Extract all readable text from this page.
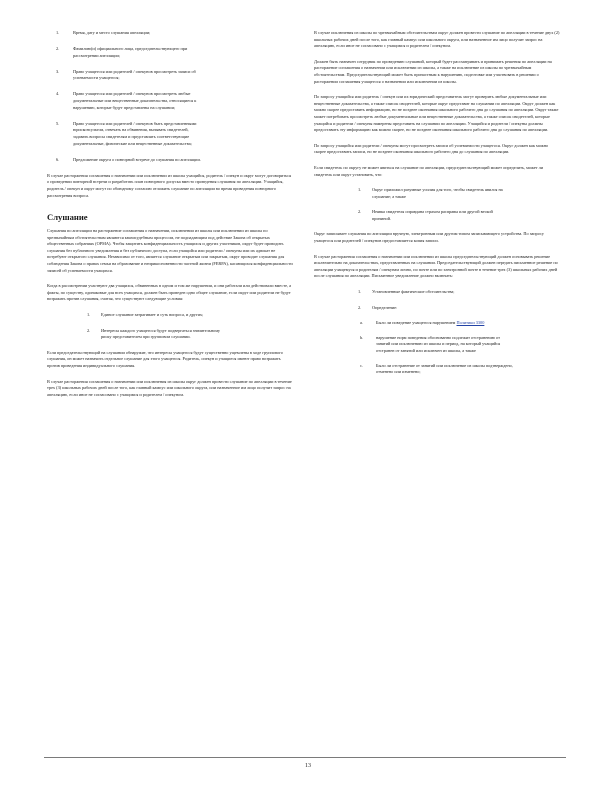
1.	Время, дату и место слушания апелляции;
2.	Фамилию(и) официального лица, председательствующего при рассмотрении апелляции;
3.	Право учащегося или родителей / опекунов просмотреть записи об успеваемости учащегося;
4.	Право учащегося или родителей / опекунов просмотреть любые документальные или вещественные доказательства, относящиеся к нарушению, которые будут представлены на слушании;
5.	Право учащегося или родителей / опекунов быть представленными юрисконсультом, отвечать на обвинения, вызывать свидетелей, задавать вопросы свидетелям и представлять соответствующие документальные, физические или вещественные доказательства;
6.	Предложение округа о повторной встрече до слушания по апелляции.

В случае расторжения соглашения о назначении или исключении из школы учащийся, родитель / опекун и округ могут договориться о проведении повторной встречи и разработать план повторного допуска вместо проведения слушания по апелляции. Учащийся, родитель / опекун и округ могут по обоюдному согласию отложить слушание по апелляции во время проведения повторного рассмотрения вопроса.

Слушание

Слушания по апелляции на расторжение соглашения о назначении, исключении из школы или исключении из школы по чрезвычайным обстоятельствам являются квазисудебным процессом, не подпадающим под действие Закона об открытых общественных собраниях (OPMA). Чтобы защитить конфиденциальность учащихся и других участников, округ будет проводить слушания без публичного уведомления и без публичного доступа, если учащийся или родители / опекуны или их адвокат не потребуют открытого слушания. Независимо от того, является слушание открытым или закрытым, округ проводит слушания для соблюдения Закона о правах семьи на образование и неприкосновенности частной жизни (FERPA), касающихся конфиденциальности записей об успеваемости учащихся.

Когда в рассмотрении участвуют два учащихся, обвиненных в одном и том же нарушении, и они работали или действовали вместе, а факты, по существу, одинаковые для всех учащихся, должен быть проведен одно общее слушание, если округ или родители не будут возражать против слушания, считая, что существуют следующие условия:

1.	Единое слушание затрагивает и суть вопроса, и других;
2.	Интересы каждого учащегося будут подвергаться значительному риску представителем при групповом слушании.

Если председательствующий на слушании обнаружит, что интересы учащегося будут существенно ущемлены в ходе группового слушания, он может назначить отдельное слушание для этого учащегося. Родитель, опекун и учащиеся имеют право возражать против проведения индивидуального слушания.

В случае расторжения соглашения о назначении или исключения из школы округ должен провести слушание по апелляции в течение трех (3) школьных рабочих дней после того, как главный кампус или школьного округа, или назначенное им лицо получит запрос на апелляцию, если иное не согласовано с учащимся и родителем / опекуном.

В случае исключения из школы по чрезвычайным обстоятельствам округ должен провести слушание по апелляции в течение двух (2) школьных рабочих дней после того, как главный кампус или школьного округа, или назначенное им лицо получит запрос на апелляцию, если иное не согласовано с учащимся и родителем / опекуном.

Должен быть назначен сотрудник по проведению слушаний, который будет рассматривать и принимать решения по апелляции на расторжение соглашения о назначении или исключении из школы, а также на исключение из школы по чрезвычайным обстоятельствам. Председательствующий может быть причастным к нарушению, подготовке или участвовать в решении о расторжении соглашения учащегося о назначении или исключении из школы.

По запросу учащийся или родитель / опекун или их юридический представитель могут проверить любые документальные или вещественные доказательства, а также список свидетелей, которые округ представит на слушании по апелляции. Округ должен как можно скорее предоставить информацию, но не позднее окончания школьного рабочего дня до слушания по апелляции. Округ также может потребовать просмотреть любые документальные или вещественные доказательства, а также список свидетелей, которые учащийся и родители / опекуны намерены представить на слушании по апелляции. Учащийся и родители / опекуны должны предоставить эту информацию как можно скорее, но не позднее окончания школьного рабочего дня до слушания по апелляции.

По запросу учащийся или родители / опекуны могут просмотреть записи об успеваемости учащегося. Округ должен как можно скорее предоставить записи, но не позднее окончания школьного рабочего дня до слушания по апелляции.

Если свидетель по округу не может явиться на слушание по апелляции, председательствующий может определить, может ли свидетель или округ установить, что:

1.	Округ приложил разумные усилия для того, чтобы свидетель явился на слушание; а также
2.	Неявка свидетеля оправдана страхом расправы или другой веской причиной.

Округ записывает слушания по апелляции вручную, электронным или другим типом записывающего устройства. По запросу учащегося или родителей / опекунов предоставляется копия записи.

В случае расторжения соглашения о назначении или исключении из школы председательствующий должен основывать решение исключительно на доказательствах, представленных на слушании. Председательствующий должен передать письменное решение по апелляции учащемуся и родителям / опекунам лично, по почте или по электронной почте в течение трех (3) школьных рабочих дней после слушания по апелляции. Письменное уведомление должно включать:

1.	Установленные фактические обстоятельства;
2.	Определение:
a.	Было ли поведение учащегося нарушением Политики 3300
b.	нарушение норм поведения обоснованно подлежит отстранению от занятий или исключению из школы и период, на который учащийся отстранен от занятий или исключен из школы, а также
c.	Было ли отстранение от занятий или исключение из школы подтверждено, отменено или изменено;
13
